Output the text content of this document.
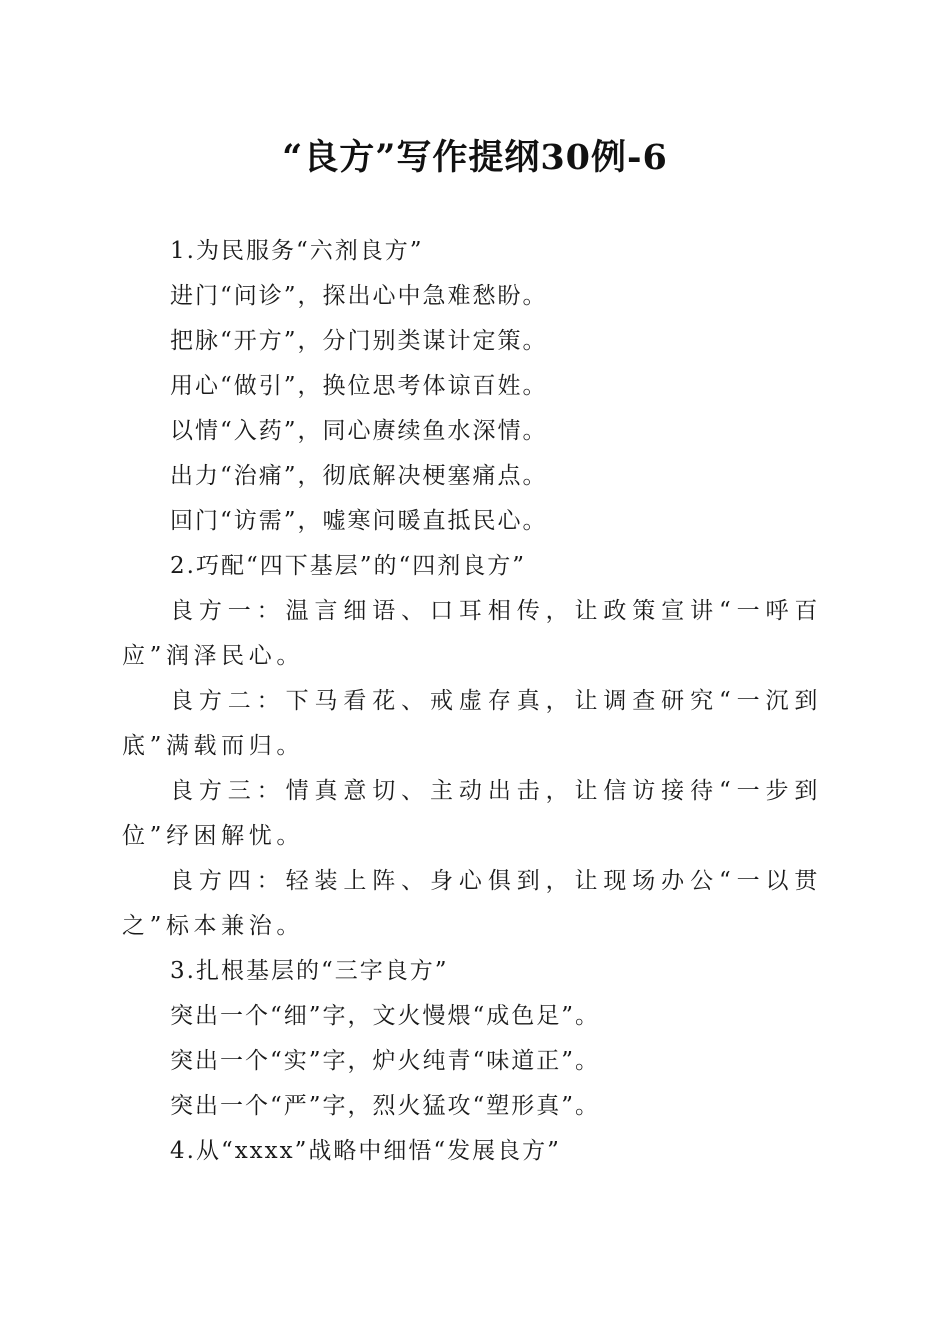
“良方”写作提纲30例-6

1.为民服务“六剂良方”

进门“问诊”，探出心中急难愁盼。

把脉“开方”，分门别类谋计定策。

用心“做引”，换位思考体谅百姓。

以情“入药”，同心赓续鱼水深情。

出力“治痛”，彻底解决梗塞痛点。

回门“访需”，嘘寒问暖直抵民心。

2.巧配“四下基层”的“四剂良方”

良方一：温言细语、口耳相传，让政策宣讲“一呼百应”润泽民心。

良方二：下马看花、戒虚存真，让调查研究“一沉到底”满载而归。

良方三：情真意切、主动出击，让信访接待“一步到位”纾困解忧。

良方四：轻装上阵、身心俱到，让现场办公“一以贯之”标本兼治。

3.扎根基层的“三字良方”

突出一个“细”字，文火慢煨“成色足”。

突出一个“实”字，炉火纯青“味道正”。

突出一个“严”字，烈火猛攻“塑形真”。

4.从“xxxx”战略中细悟“发展良方”
